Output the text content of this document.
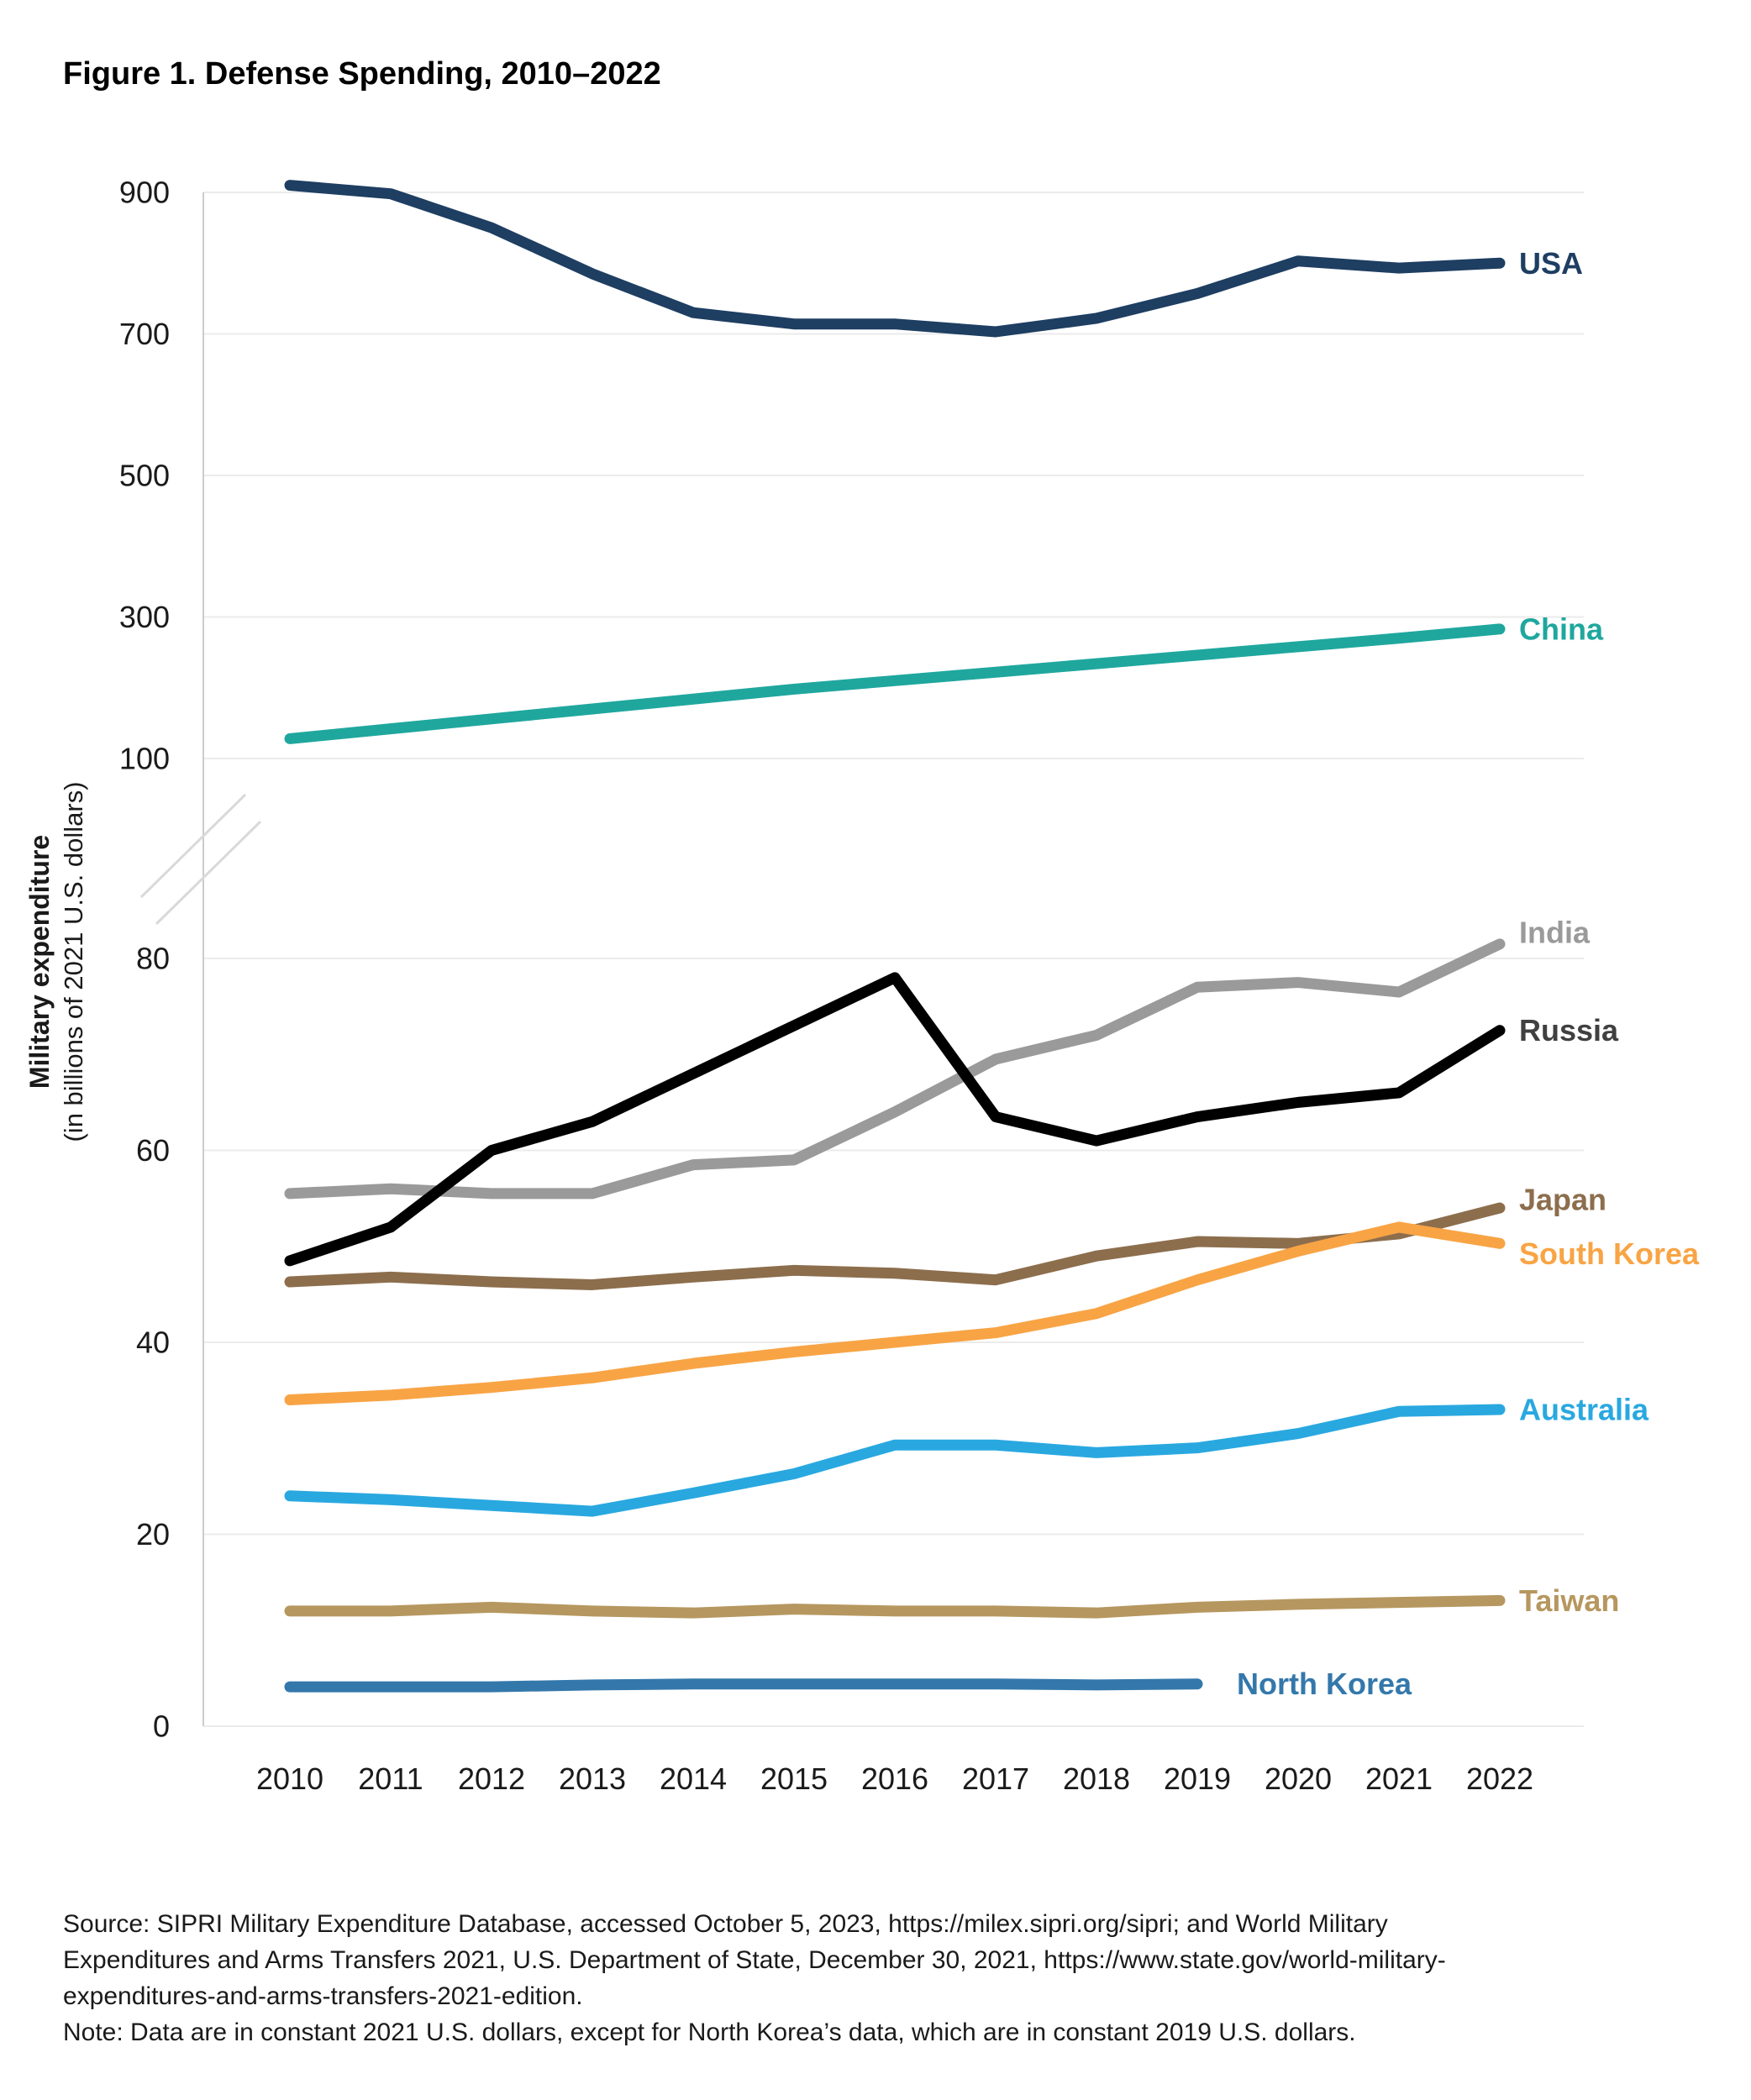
Figure 1. Defense Spending, 2010–2022
Military expenditure (in billions of 2021 U.S. dollars)
900
700
500
300
100
80
60
40
20
0
2010 2011 2012 2013 2014 2015 2016 2017 2018 2019 2020 2021 2022
USA
China
India
Russia
Japan
South Korea
Australia
Taiwan
North Korea
Source: SIPRI Military Expenditure Database, accessed October 5, 2023, https://milex.sipri.org/sipri; and World Military
Expenditures and Arms Transfers 2021, U.S. Department of State, December 30, 2021, https://www.state.gov/world-military-
expenditures-and-arms-transfers-2021-edition.
Note: Data are in constant 2021 U.S. dollars, except for North Korea’s data, which are in constant 2019 U.S. dollars.
